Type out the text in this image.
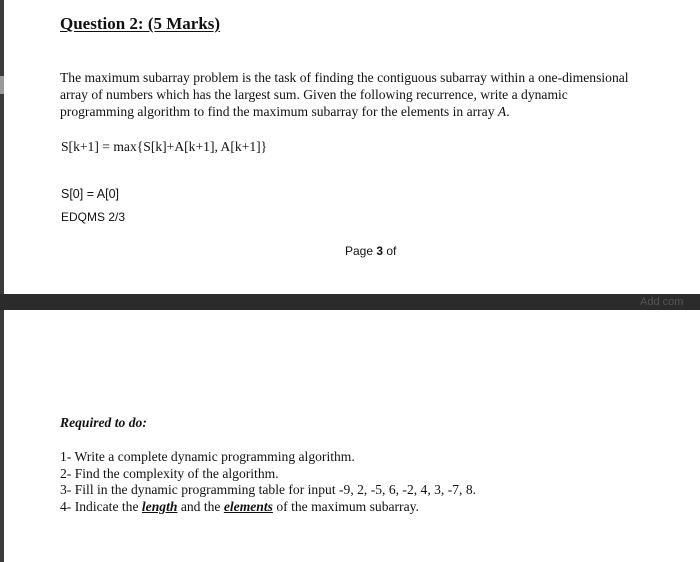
Question 2: (5 Marks)

The maximum subarray problem is the task of finding the contiguous subarray within a one-dimensional
array of numbers which has the largest sum. Given the following recurrence, write a dynamic
programming algorithm to find the maximum subarray for the elements in array A.

S[k+1] = max{S[k]+A[k+1], A[k+1]}

S[0] = A[0]

EDQMS 2/3

Page 3 of

Add com

Required to do:

1- Write a complete dynamic programming algorithm.
2- Find the complexity of the algorithm.
3- Fill in the dynamic programming table for input -9, 2, -5, 6, -2, 4, 3, -7, 8.
4- Indicate the length and the elements of the maximum subarray.
